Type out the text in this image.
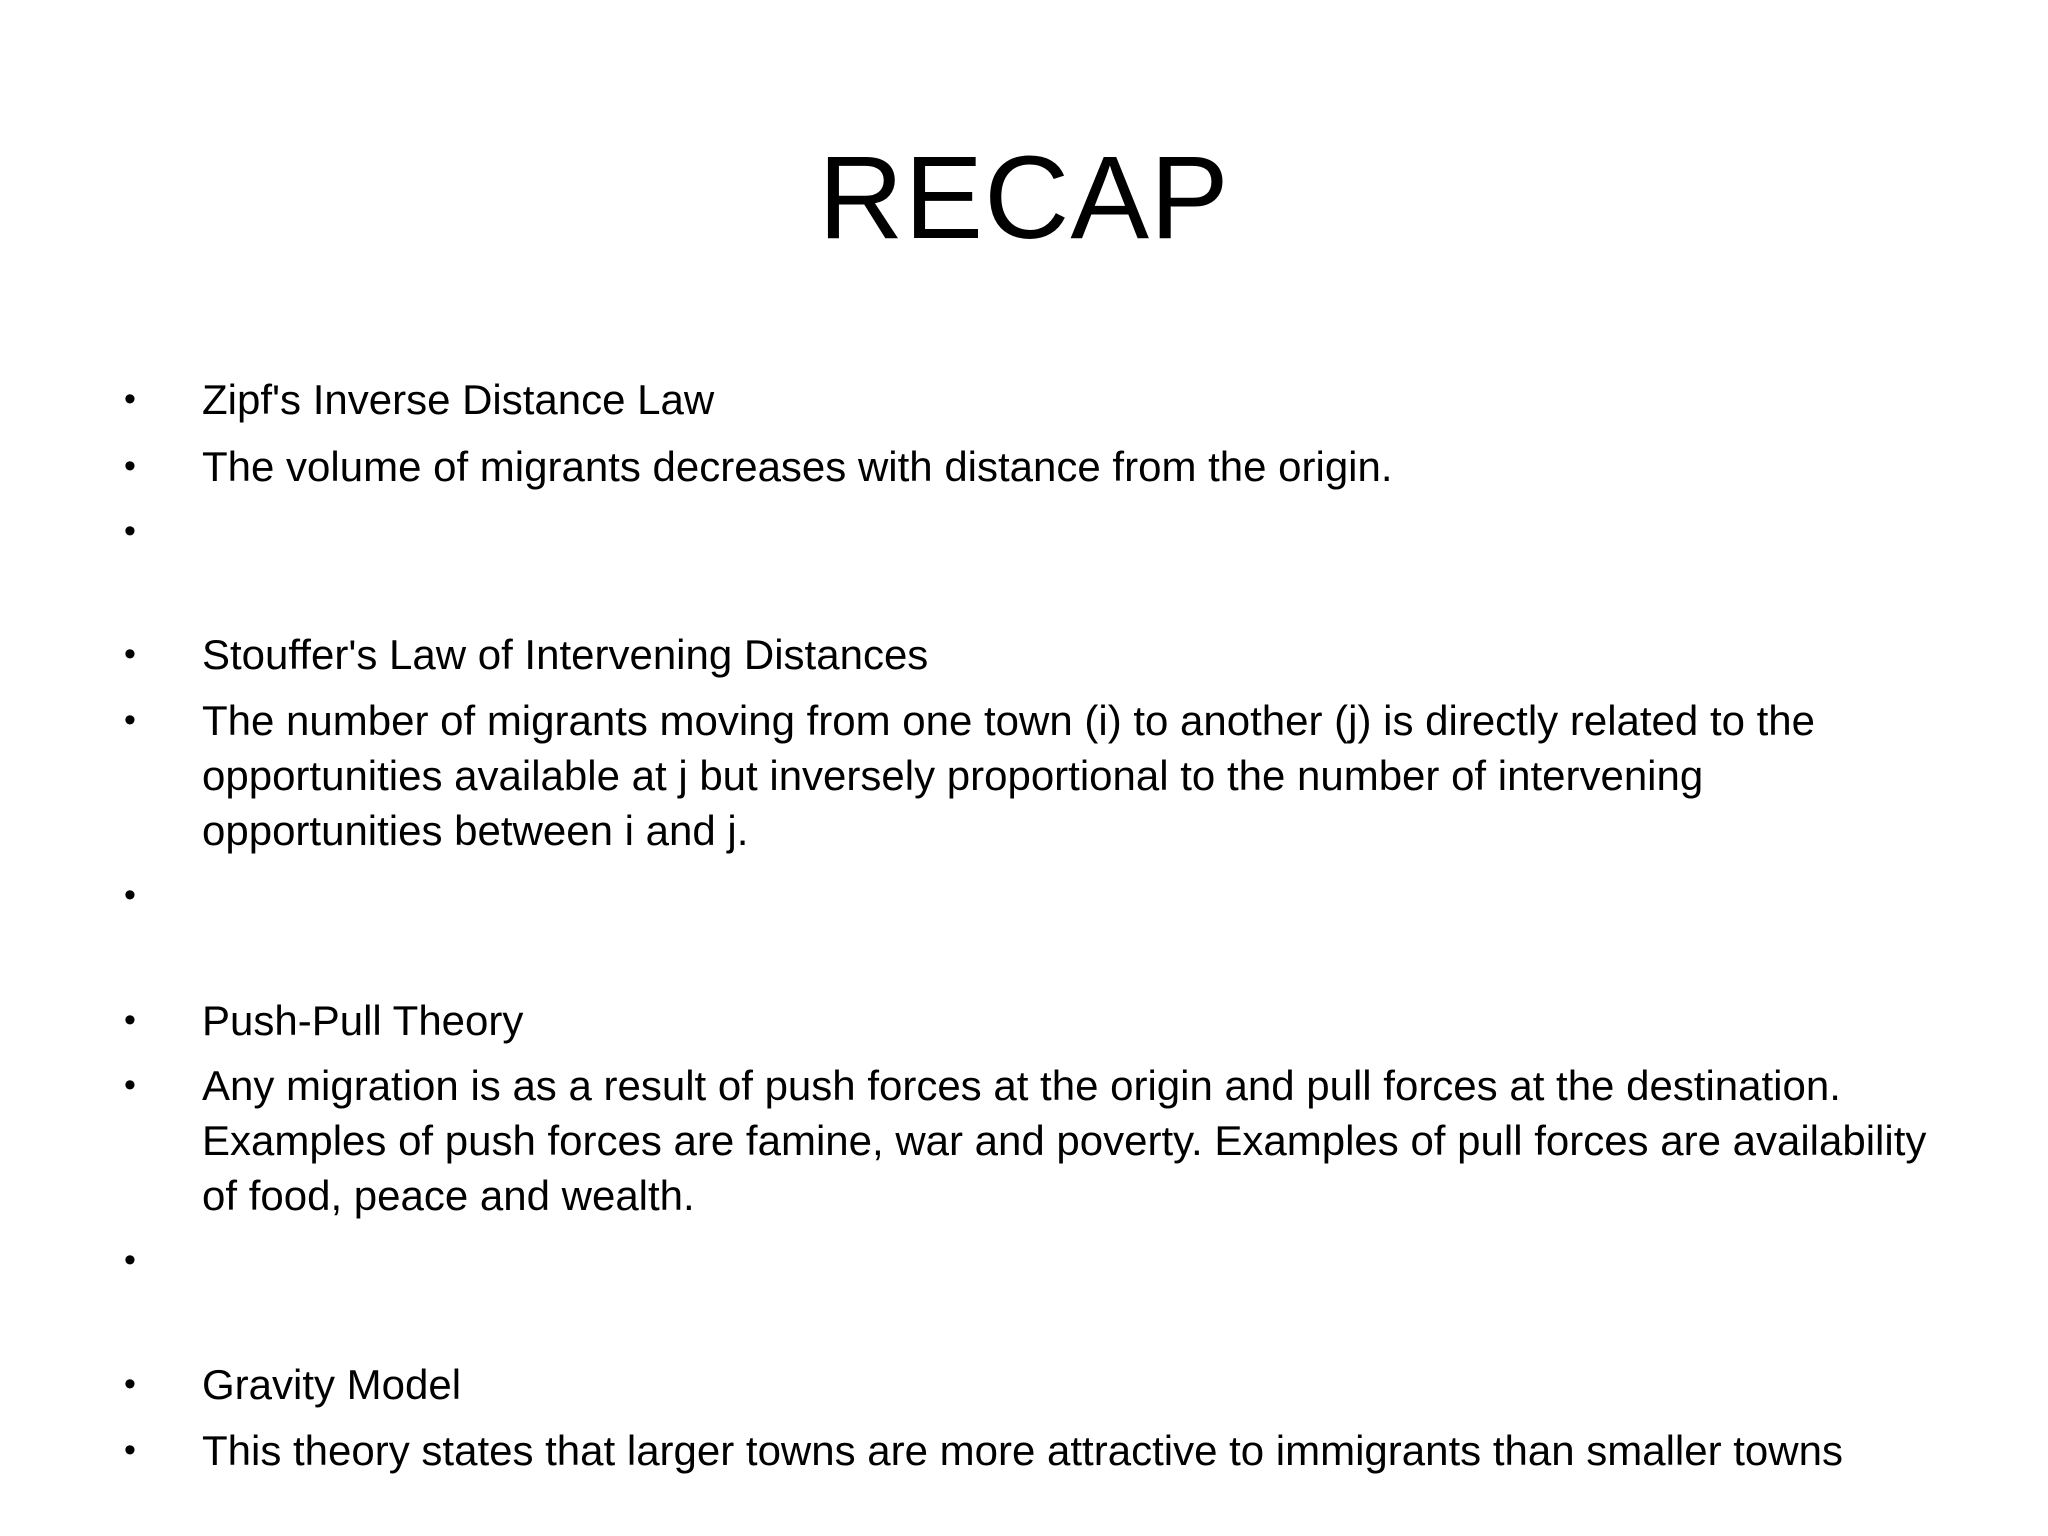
RECAP
• Zipf's Inverse Distance Law
• The volume of migrants decreases with distance from the origin.
•
• Stouffer's Law of Intervening Distances
• The number of migrants moving from one town (i) to another (j) is directly related to the
opportunities available at j but inversely proportional to the number of intervening
opportunities between i and j.
•
• Push-Pull Theory
• Any migration is as a result of push forces at the origin and pull forces at the destination.
Examples of push forces are famine, war and poverty. Examples of pull forces are availability
of food, peace and wealth.
•
• Gravity Model
• This theory states that larger towns are more attractive to immigrants than smaller towns
